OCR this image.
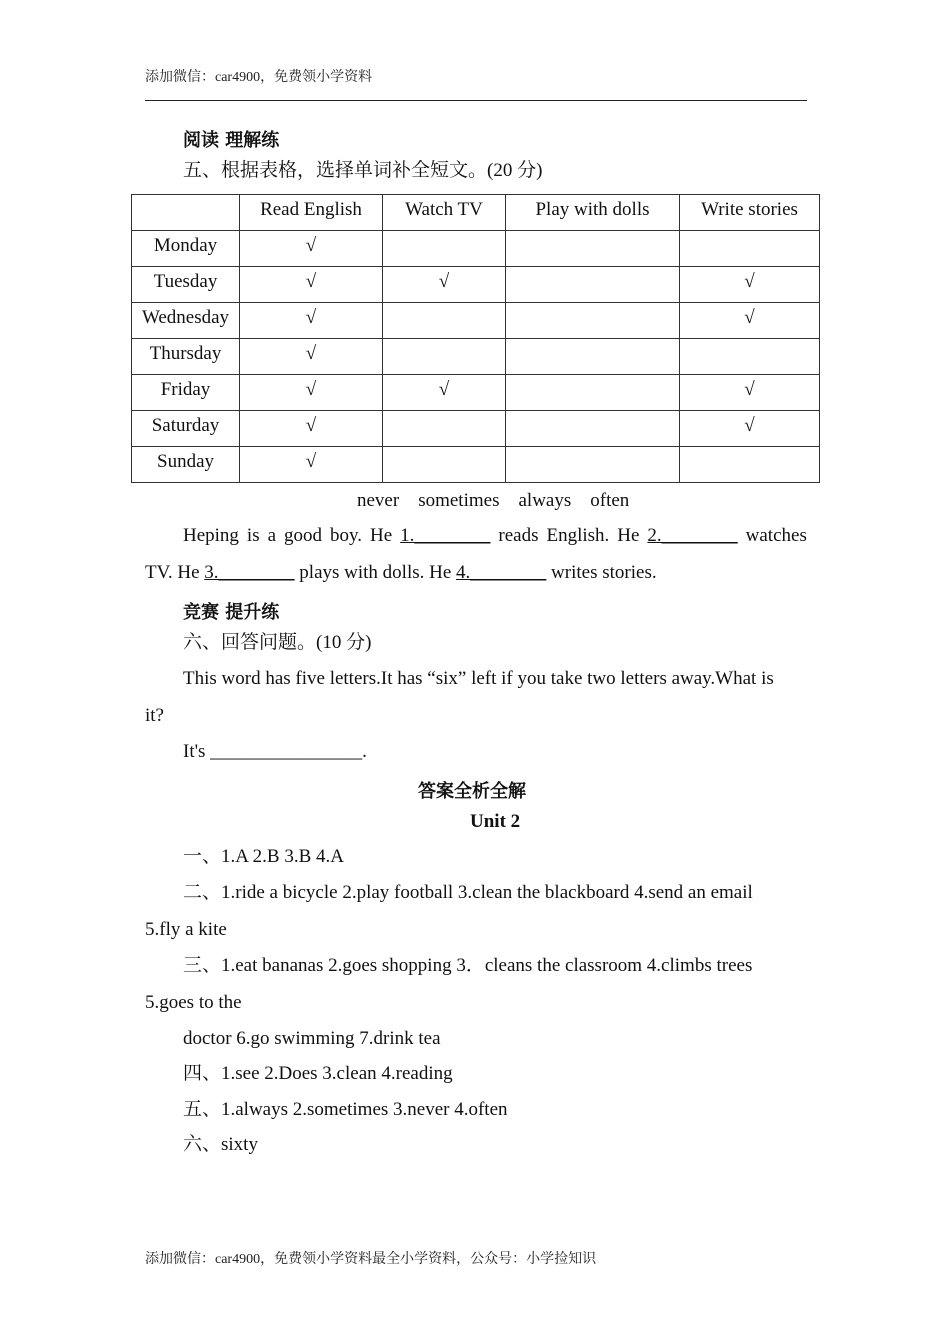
添加微信：car4900，免费领小学资料
阅读 理解练
五、根据表格，选择单词补全短文。(20 分)
	Read English	Watch TV	Play with dolls	Write stories
Monday	√			
Tuesday	√	√		√
Wednesday	√			√
Thursday	√			
Friday	√	√		√
Saturday	√			√
Sunday	√			
never sometimes always often
Heping is a good boy. He 1.________ reads English. He 2.________ watches
TV. He 3.________ plays with dolls. He 4.________ writes stories.
竞赛 提升练
六、回答问题。(10 分)
This word has five letters.It has “six” left if you take two letters away.What is
it?
It's ________________.
答案全析全解
Unit 2
一、1.A 2.B 3.B 4.A
二、1.ride a bicycle 2.play football 3.clean the blackboard 4.send an email
5.fly a kite
三、1.eat bananas 2.goes shopping 3．cleans the classroom 4.climbs trees
5.goes to the
doctor 6.go swimming 7.drink tea
四、1.see 2.Does 3.clean 4.reading
五、1.always 2.sometimes 3.never 4.often
六、sixty
添加微信：car4900，免费领小学资料最全小学资料，公众号：小学捡知识
